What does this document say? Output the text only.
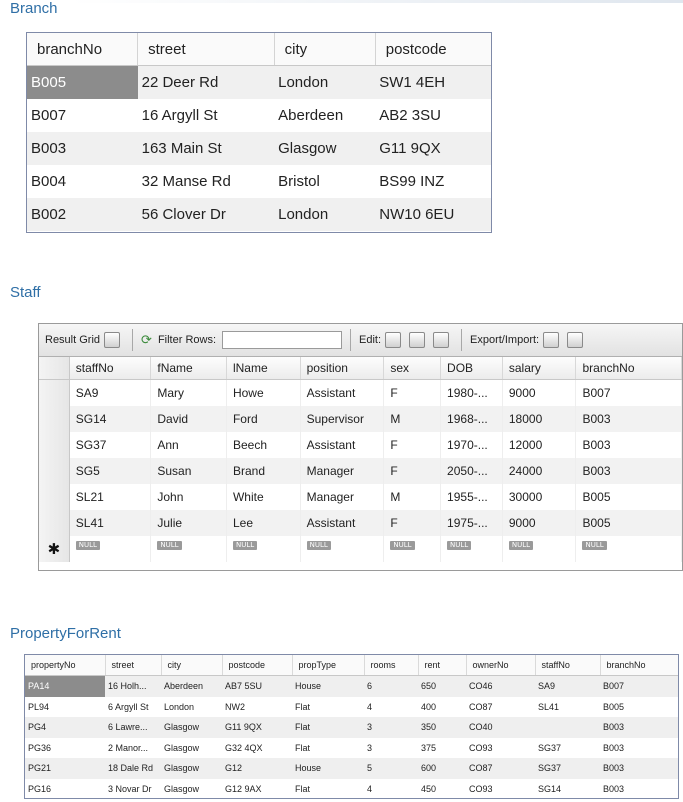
Branch
branchNo	street	city	postcode
B005	22 Deer Rd	London	SW1 4EH
B007	16 Argyll St	Aberdeen	AB2 3SU
B003	163 Main St	Glasgow	G11 9QX
B004	32 Manse Rd	Bristol	BS99 INZ
B002	56 Clover Dr	London	NW10 6EU
Staff
Result Grid	⟳ Filter Rows:	Edit:	Export/Import:
	staffNo	fName	lName	position	sex	DOB	salary	branchNo
	SA9	Mary	Howe	Assistant	F	1980-...	9000	B007
	SG14	David	Ford	Supervisor	M	1968-...	18000	B003
	SG37	Ann	Beech	Assistant	F	1970-...	12000	B003
	SG5	Susan	Brand	Manager	F	2050-...	24000	B003
	SL21	John	White	Manager	M	1955-...	30000	B005
	SL41	Julie	Lee	Assistant	F	1975-...	9000	B005
✱	NULL	NULL	NULL	NULL	NULL	NULL	NULL	NULL
PropertyForRent
propertyNo	street	city	postcode	propType	rooms	rent	ownerNo	staffNo	branchNo
PA14	16 Holh...	Aberdeen	AB7 5SU	House	6	650	CO46	SA9	B007
PL94	6 Argyll St	London	NW2	Flat	4	400	CO87	SL41	B005
PG4	6 Lawre...	Glasgow	G11 9QX	Flat	3	350	CO40		B003
PG36	2 Manor...	Glasgow	G32 4QX	Flat	3	375	CO93	SG37	B003
PG21	18 Dale Rd	Glasgow	G12	House	5	600	CO87	SG37	B003
PG16	3 Novar Dr	Glasgow	G12 9AX	Flat	4	450	CO93	SG14	B003
